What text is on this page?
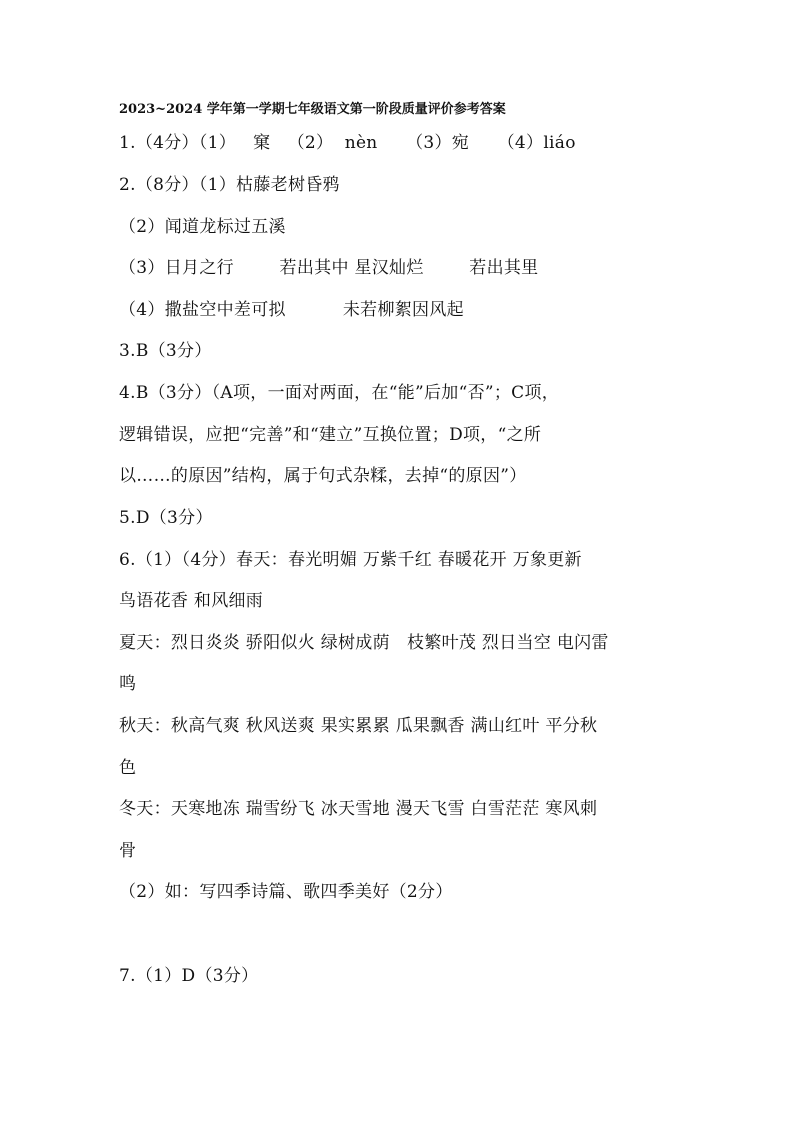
2023~2024 学年第一学期七年级语文第一阶段质量评价参考答案
1.（4分）（1）   窠   （2）  nèn     （3）宛     （4）liáo
2.（8分）（1）枯藤老树昏鸦
（2）闻道龙标过五溪
（3）日月之行        若出其中 星汉灿烂        若出其里
（4）撒盐空中差可拟          未若柳絮因风起
3.B（3分）
4.B（3分）（A项，一面对两面，在“能”后加“否”；C项，
逻辑错误，应把“完善”和“建立”互换位置；D项，“之所
以……的原因”结构，属于句式杂糅，去掉“的原因”）
5.D（3分）
6.（1）（4分）春天：春光明媚 万紫千红 春暖花开 万象更新
鸟语花香 和风细雨
夏天：烈日炎炎 骄阳似火 绿树成荫   枝繁叶茂 烈日当空 电闪雷
鸣
秋天：秋高气爽 秋风送爽 果实累累 瓜果飘香 满山红叶 平分秋
色
冬天：天寒地冻 瑞雪纷飞 冰天雪地 漫天飞雪 白雪茫茫 寒风刺
骨
（2）如：写四季诗篇、歌四季美好（2分）
7.（1）D（3分）
